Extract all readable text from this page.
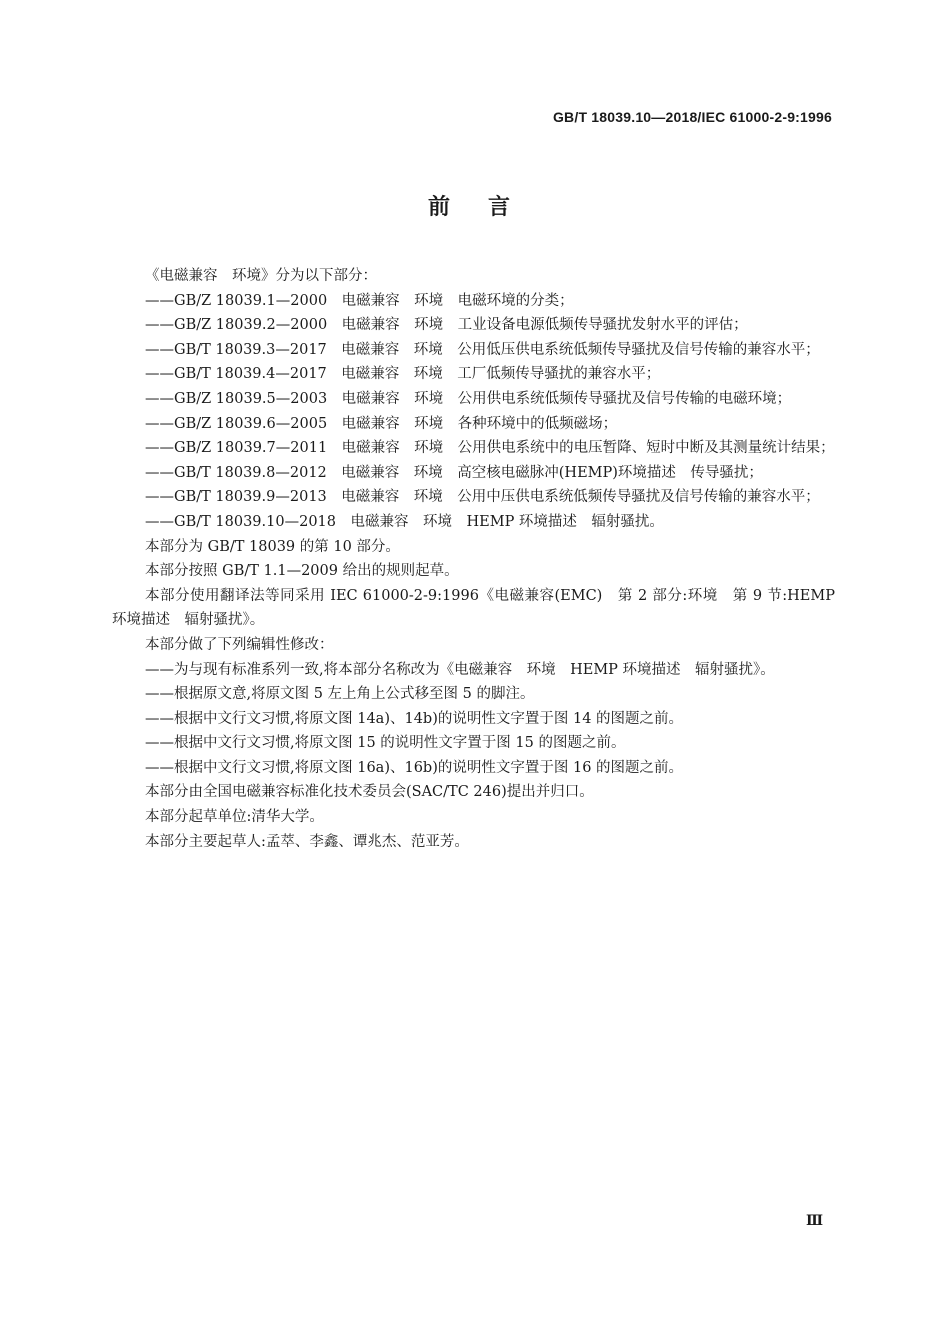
GB/T 18039.10—2018/IEC 61000-2-9:1996
前 言

《电磁兼容　环境》分为以下部分：

——GB/Z 18039.1—2000　电磁兼容　环境　电磁环境的分类；

——GB/Z 18039.2—2000　电磁兼容　环境　工业设备电源低频传导骚扰发射水平的评估；

——GB/T 18039.3—2017　电磁兼容　环境　公用低压供电系统低频传导骚扰及信号传输的兼容水平；

——GB/T 18039.4—2017　电磁兼容　环境　工厂低频传导骚扰的兼容水平；

——GB/Z 18039.5—2003　电磁兼容　环境　公用供电系统低频传导骚扰及信号传输的电磁环境；

——GB/Z 18039.6—2005　电磁兼容　环境　各种环境中的低频磁场；

——GB/Z 18039.7—2011　电磁兼容　环境　公用供电系统中的电压暂降、短时中断及其测量统计结果；

——GB/T 18039.8—2012　电磁兼容　环境　高空核电磁脉冲(HEMP)环境描述　传导骚扰；

——GB/T 18039.9—2013　电磁兼容　环境　公用中压供电系统低频传导骚扰及信号传输的兼容水平；

——GB/T 18039.10—2018　电磁兼容　环境　HEMP 环境描述　辐射骚扰。

本部分为 GB/T 18039 的第 10 部分。

本部分按照 GB/T 1.1—2009 给出的规则起草。

本部分使用翻译法等同采用 IEC 61000-2-9:1996《电磁兼容(EMC)　第 2 部分:环境　第 9 节:HEMP 环境描述　辐射骚扰》。

本部分做了下列编辑性修改：

——为与现有标准系列一致,将本部分名称改为《电磁兼容　环境　HEMP 环境描述　辐射骚扰》。

——根据原文意,将原文图 5 左上角上公式移至图 5 的脚注。

——根据中文行文习惯,将原文图 14a)、14b)的说明性文字置于图 14 的图题之前。

——根据中文行文习惯,将原文图 15 的说明性文字置于图 15 的图题之前。

——根据中文行文习惯,将原文图 16a)、16b)的说明性文字置于图 16 的图题之前。

本部分由全国电磁兼容标准化技术委员会(SAC/TC 246)提出并归口。

本部分起草单位:清华大学。

本部分主要起草人:孟萃、李鑫、谭兆杰、范亚芳。

Ⅲ
